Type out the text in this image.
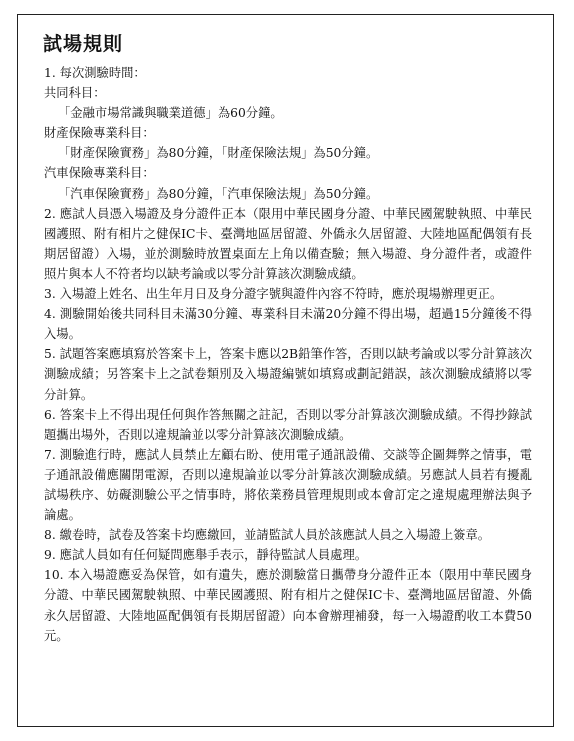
試場規則

1. 每次測驗時間：

共同科目：

「金融市場常識與職業道德」為60分鐘。

財產保險專業科目：

「財產保險實務」為80分鐘，「財產保險法規」為50分鐘。

汽車保險專業科目：

「汽車保險實務」為80分鐘，「汽車保險法規」為50分鐘。

2. 應試人員憑入場證及身分證件正本（限用中華民國身分證、中華民國駕駛執照、中華民國護照、附有相片之健保IC卡、臺灣地區居留證、外僑永久居留證、大陸地區配偶領有長期居留證）入場，並於測驗時放置桌面左上角以備查驗；無入場證、身分證件者，或證件照片與本人不符者均以缺考論或以零分計算該次測驗成績。

3. 入場證上姓名、出生年月日及身分證字號與證件內容不符時，應於現場辦理更正。

4. 測驗開始後共同科目未滿30分鐘、專業科目未滿20分鐘不得出場，超過15分鐘後不得入場。

5. 試題答案應填寫於答案卡上，答案卡應以2B鉛筆作答，否則以缺考論或以零分計算該次測驗成績；另答案卡上之試卷類別及入場證編號如填寫或劃記錯誤，該次測驗成績將以零分計算。

6. 答案卡上不得出現任何與作答無關之註記，否則以零分計算該次測驗成績。不得抄錄試題攜出場外，否則以違規論並以零分計算該次測驗成績。

7. 測驗進行時，應試人員禁止左顧右盼、使用電子通訊設備、交談等企圖舞弊之情事，電子通訊設備應關閉電源，否則以違規論並以零分計算該次測驗成績。另應試人員若有擾亂試場秩序、妨礙測驗公平之情事時，將依業務員管理規則或本會訂定之違規處理辦法與予論處。

8. 繳卷時，試卷及答案卡均應繳回，並請監試人員於該應試人員之入場證上簽章。

9. 應試人員如有任何疑問應舉手表示，靜待監試人員處理。

10. 本入場證應妥為保管，如有遺失，應於測驗當日攜帶身分證件正本（限用中華民國身分證、中華民國駕駛執照、中華民國護照、附有相片之健保IC卡、臺灣地區居留證、外僑永久居留證、大陸地區配偶領有長期居留證）向本會辦理補發，每一入場證酌收工本費50元。
